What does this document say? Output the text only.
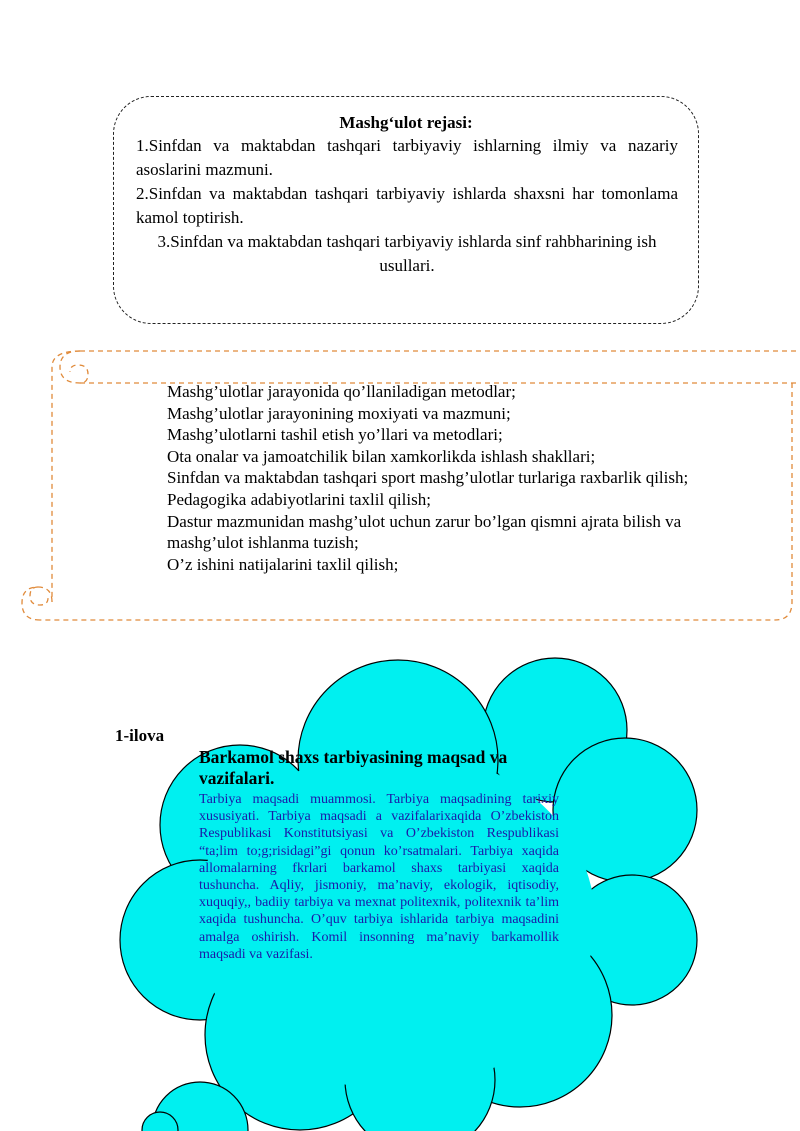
Mashg‘ulot rejasi:

1.Sinfdan va maktabdan tashqari tarbiyaviy ishlarning ilmiy va nazariy asoslarini mazmuni.

2.Sinfdan va maktabdan tashqari tarbiyaviy ishlarda shaxsni har tomonlama kamol toptirish.

3.Sinfdan va maktabdan tashqari tarbiyaviy ishlarda sinf rahbharining ish usullari.

Mashg’ulotlar jarayonida qo’llaniladigan metodlar;
Mashg’ulotlar jarayonining moxiyati va mazmuni;
Mashg’ulotlarni tashil etish yo’llari va metodlari;
Ota onalar va jamoatchilik bilan xamkorlikda ishlash shakllari;
Sinfdan va maktabdan tashqari sport mashg’ulotlar turlariga raxbarlik qilish;
Pedagogika adabiyotlarini taxlil qilish;
Dastur mazmunidan mashg’ulot uchun zarur bo’lgan qismni ajrata bilish va mashg’ulot ishlanma tuzish;
O’z ishini natijalarini taxlil qilish;
1-ilova
Barkamol shaxs tarbiyasining maqsad va vazifalari.
Tarbiya maqsadi muammosi. Tarbiya maqsadining tarixiy xususiyati. Tarbiya maqsadi a vazifalarixaqida O’zbekiston Respublikasi Konstitutsiyasi va O’zbekiston Respublikasi “ta;lim to;g;risidagi”gi qonun ko’rsatmalari. Tarbiya xaqida allomalarning fkrlari barkamol shaxs tarbiyasi xaqida tushuncha. Aqliy, jismoniy, ma’naviy, ekologik, iqtisodiy, xuquqiy,, badiiy tarbiya va mexnat politexnik, politexnik ta’lim xaqida tushuncha. O’quv tarbiya ishlarida tarbiya maqsadini amalga oshirish. Komil insonning ma’naviy barkamollik maqsadi va vazifasi.
